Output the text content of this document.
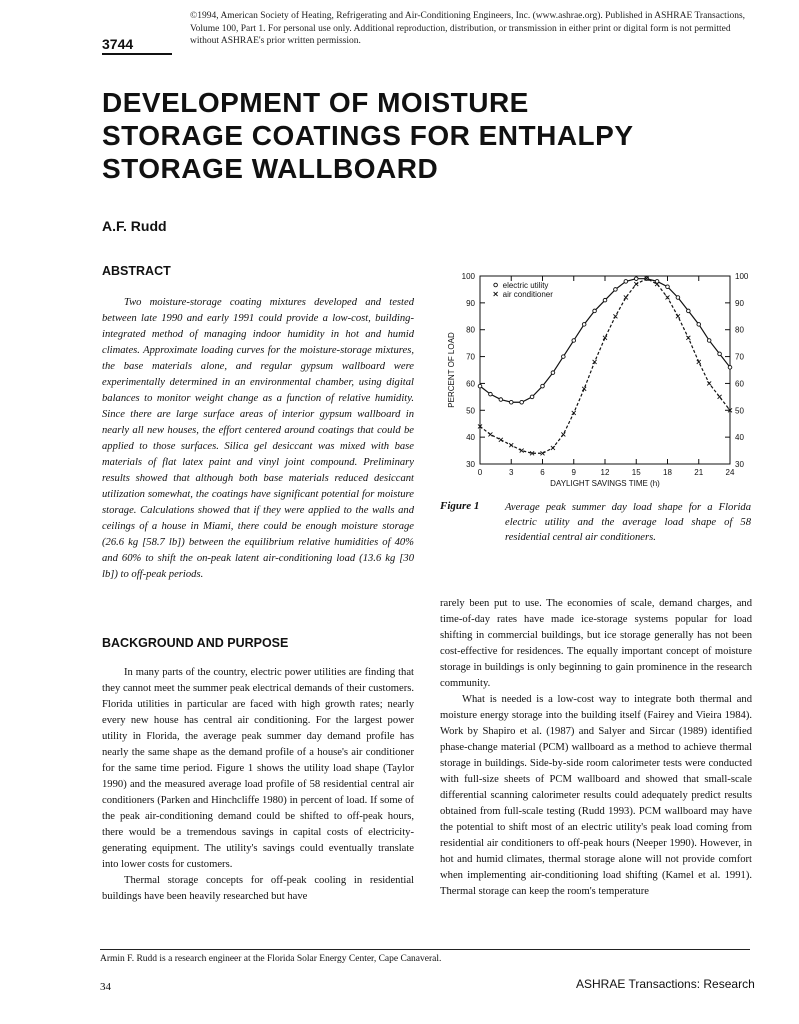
©1994, American Society of Heating, Refrigerating and Air-Conditioning Engineers, Inc. (www.ashrae.org). Published in ASHRAE Transactions, Volume 100, Part 1. For personal use only. Additional reproduction, distribution, or transmission in either print or digital form is not permitted without ASHRAE's prior written permission.
3744
DEVELOPMENT OF MOISTURE
STORAGE COATINGS FOR ENTHALPY
STORAGE WALLBOARD
A.F. Rudd
ABSTRACT

Two moisture-storage coating mixtures developed and tested between late 1990 and early 1991 could provide a low-cost, building-integrated method of managing indoor humidity in hot and humid climates. Approximate loading curves for the moisture-storage mixtures, the base materials alone, and regular gypsum wallboard were experimentally determined in an environmental chamber, using digital balances to monitor weight change as a function of relative humidity. Since there are large surface areas of interior gypsum wallboard in nearly all new houses, the effort centered around coatings that could be applied to those surfaces. Silica gel desiccant was mixed with base materials of flat latex paint and vinyl joint compound. Preliminary results showed that although both base materials reduced desiccant utilization somewhat, the coatings have significant potential for moisture storage. Calculations showed that if they were applied to the walls and ceilings of a house in Miami, there could be enough moisture storage (26.6 kg [58.7 lb]) between the equilibrium relative humidities of 40% and 60% to shift the on-peak latent air-conditioning load (13.6 kg [30 lb]) to off-peak periods.

BACKGROUND AND PURPOSE

In many parts of the country, electric power utilities are finding that they cannot meet the summer peak electrical demands of their customers. Florida utilities in particular are faced with high growth rates; nearly every new house has central air conditioning. For the largest power utility in Florida, the average peak summer day demand profile has nearly the same shape as the demand profile of a house's air conditioner for the same time period. Figure 1 shows the utility load shape (Taylor 1990) and the measured average load profile of 58 residential central air conditioners (Parken and Hinchcliffe 1980) in percent of load. If some of the peak air-conditioning demand could be shifted to off-peak hours, there would be a tremendous savings in capital costs of electricity-generating equipment. The utility's savings could eventually translate into lower costs for customers.

Thermal storage concepts for off-peak cooling in residential buildings have been heavily researched but have

30	30
40	40
50	50
60	60
70	70
80	80
90	90
100	100
0	3	6	9	12	15	18	21	24
DAYLIGHT SAVINGS TIME (h)
PERCENT OF LOAD
electric utility
air conditioner
Figure 1 Average peak summer day load shape for a Florida electric utility and the average load shape of 58 residential central air conditioners.

rarely been put to use. The economies of scale, demand charges, and time-of-day rates have made ice-storage systems popular for load shifting in commercial buildings, but ice storage generally has not been cost-effective for residences. The equally important concept of moisture storage in buildings is only beginning to gain prominence in the research community.

What is needed is a low-cost way to integrate both thermal and moisture energy storage into the building itself (Fairey and Vieira 1984). Work by Shapiro et al. (1987) and Salyer and Sircar (1989) identified phase-change material (PCM) wallboard as a method to achieve thermal storage in buildings. Side-by-side room calorimeter tests were conducted with full-size sheets of PCM wallboard and showed that small-scale differential scanning calorimeter results could adequately predict results obtained from full-scale testing (Rudd 1993). PCM wallboard may have the potential to shift most of an electric utility's peak load coming from residential air conditioners to off-peak hours (Neeper 1990). However, in hot and humid climates, thermal storage alone will not provide comfort when implementing air-conditioning load shifting (Kamel et al. 1991). Thermal storage can keep the room's temperature

Armin F. Rudd is a research engineer at the Florida Solar Energy Center, Cape Canaveral.
34	ASHRAE Transactions: Research
